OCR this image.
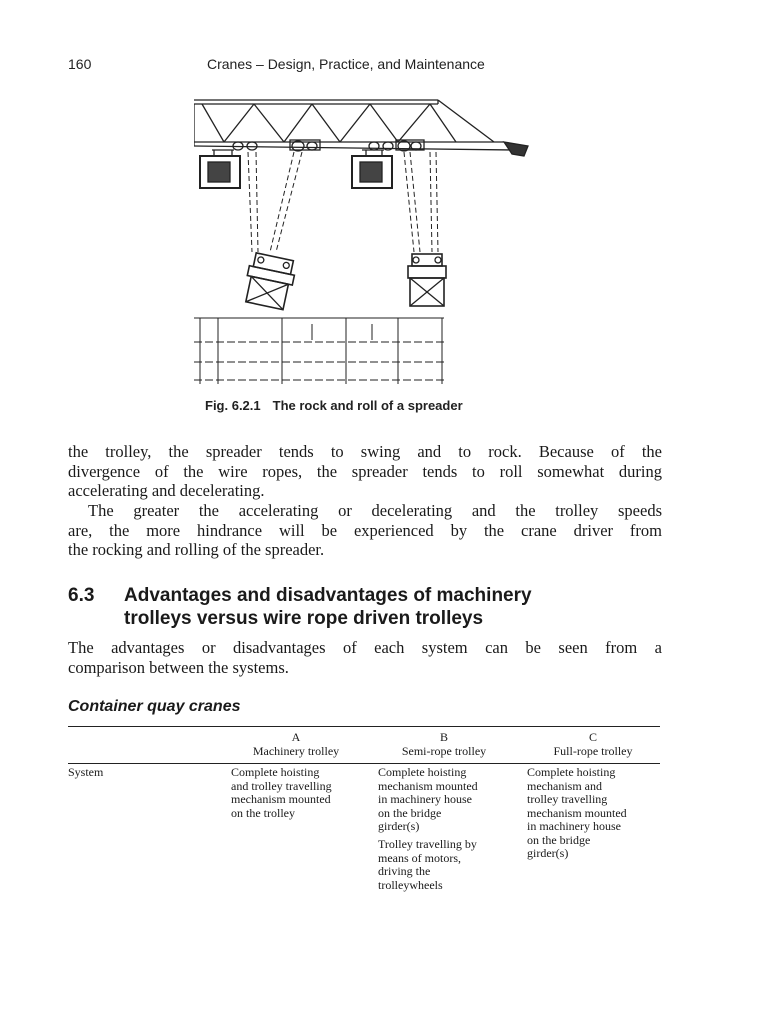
160	Cranes – Design, Practice, and Maintenance
Fig. 6.2.1 The rock and roll of a spreader
the trolley, the spreader tends to swing and to rock. Because of the
divergence of the wire ropes, the spreader tends to roll somewhat during
accelerating and decelerating.
The greater the accelerating or decelerating and the trolley speeds
are, the more hindrance will be experienced by the crane driver from
the rocking and rolling of the spreader.
6.3 Advantages and disadvantages of machinery
trolleys versus wire rope driven trolleys
The advantages or disadvantages of each system can be seen from a
comparison between the systems.
Container quay cranes
A
Machinery trolley
B
Semi-rope trolley
C
Full-rope trolley
System	Complete hoisting
and trolley travelling
mechanism mounted
on the trolley
Complete hoisting
mechanism mounted
in machinery house
on the bridge
girder(s)
Trolley travelling by
means of motors,
driving the
trolleywheels
Complete hoisting
mechanism and
trolley travelling
mechanism mounted
in machinery house
on the bridge
girder(s)
